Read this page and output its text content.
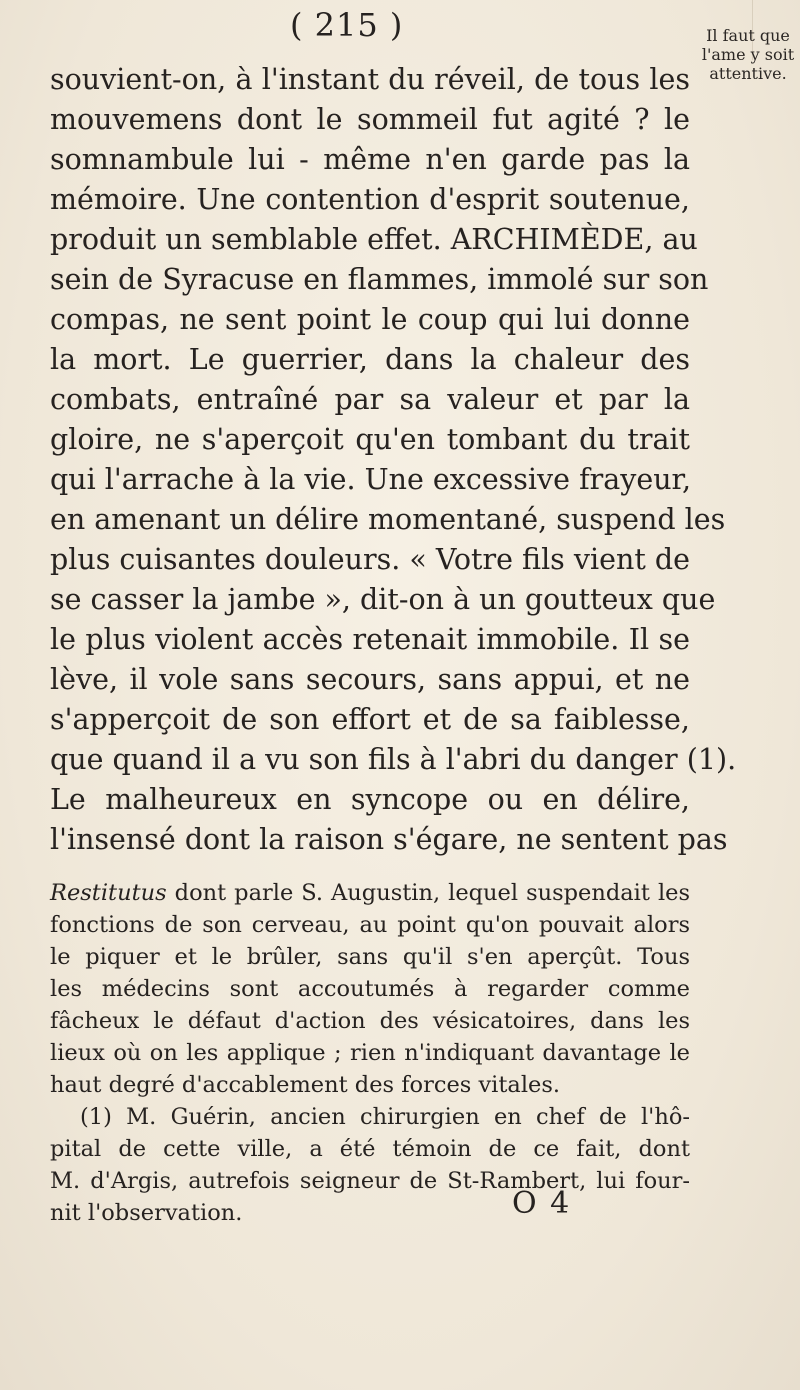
( 215 )	Il faut que
l'ame y soit
attentive.
souvient-on, à l'instant du réveil, de tous les
mouvemens dont le sommeil fut agité ? le
somnambule lui - même n'en garde pas la
mémoire. Une contention d'esprit soutenue,
produit un semblable effet. ARCHIMÈDE, au
sein de Syracuse en flammes, immolé sur son
compas, ne sent point le coup qui lui donne
la mort. Le guerrier, dans la chaleur des
combats, entraîné par sa valeur et par la
gloire, ne s'aperçoit qu'en tombant du trait
qui l'arrache à la vie. Une excessive frayeur,
en amenant un délire momentané, suspend les
plus cuisantes douleurs. « Votre fils vient de
se casser la jambe », dit-on à un goutteux que
le plus violent accès retenait immobile. Il se
lève, il vole sans secours, sans appui, et ne
s'apperçoit de son effort et de sa faiblesse,
que quand il a vu son fils à l'abri du danger (1).
Le malheureux en syncope ou en délire,
l'insensé dont la raison s'égare, ne sentent pas
Restitutus dont parle S. Augustin, lequel suspendait les
fonctions de son cerveau, au point qu'on pouvait alors
le piquer et le brûler, sans qu'il s'en aperçût. Tous
les médecins sont accoutumés à regarder comme
fâcheux le défaut d'action des vésicatoires, dans les
lieux où on les applique ; rien n'indiquant davantage le
haut degré d'accablement des forces vitales.
(1) M. Guérin, ancien chirurgien en chef de l'hô-
pital de cette ville, a été témoin de ce fait, dont
M. d'Argis, autrefois seigneur de St-Rambert, lui four-
nit l'observation.	O 4
